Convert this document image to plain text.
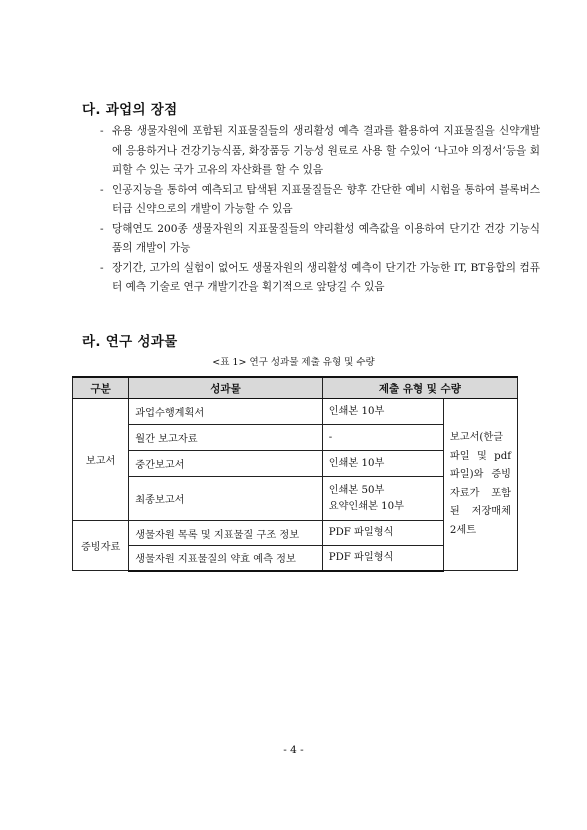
다. 과업의 장점
- 유용 생물자원에 포함된 지표물질들의 생리활성 예측 결과를 활용하여 지표물질을 신약개발에 응용하거나 건강기능식품, 화장품등 기능성 원료로 사용 할 수있어 ‘나고야 의정서’등을 회피할 수 있는 국가 고유의 자산화를 할 수 있음
- 인공지능을 통하여 예측되고 탐색된 지표물질들은 향후 간단한 예비 시험을 통하여 블록버스터급 신약으로의 개발이 가능할 수 있음
- 당해연도 200종 생물자원의 지표물질들의 약리활성 예측값을 이용하여 단기간 건강 기능식품의 개발이 가능
- 장기간, 고가의 실험이 없어도 생물자원의 생리활성 예측이 단기간 가능한 IT, BT융합의 컴퓨터 예측 기술로 연구 개발기간을 획기적으로 앞당길 수 있음
라. 연구 성과물
<표 1> 연구 성과물 제출 유형 및 수량
구분	성과물	제출 유형 및 수량	
보고서	과업수행계획서	인쇄본 10부	보고서(한글 파일 및 pdf 파일)와 증빙자료가 포함된 저장매체 2세트
	월간 보고자료	-	

	중간보고서	인쇄본 10부	

	최종보고서	인쇄본 50부
요약인쇄본 10부	

증빙자료	생물자원 목록 및 지표물질 구조 정보	PDF 파일형식	

	생물자원 지표물질의 약효 예측 정보	PDF 파일형식	
- 4 -
